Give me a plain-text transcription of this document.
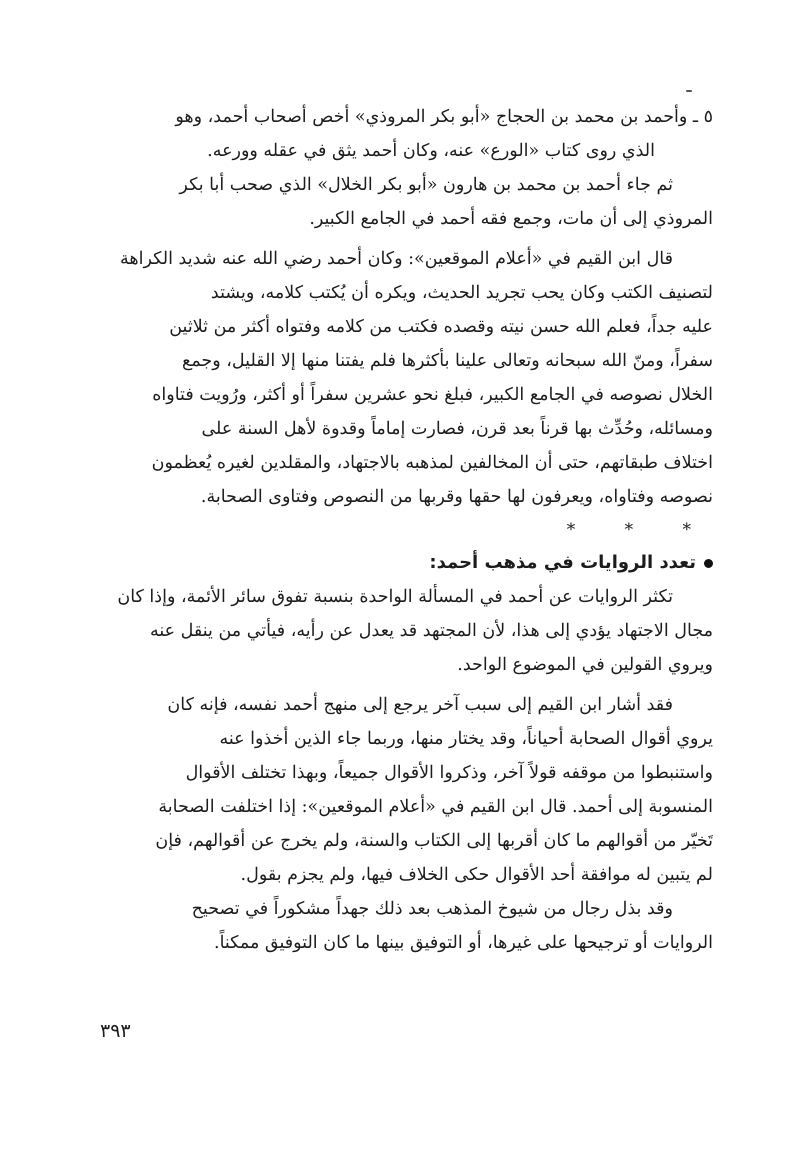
٥ ـ وأحمد بن محمد بن الحجاج «أبو بكر المروذي» أخص أصحاب أحمد، وهو
الذي روى كتاب «الورع» عنه، وكان أحمد يثق في عقله وورعه.
ثم جاء أحمد بن محمد بن هارون «أبو بكر الخلال» الذي صحب أبا بكر
المروذي إلى أن مات، وجمع فقه أحمد في الجامع الكبير.
قال ابن القيم في «أعلام الموقعين»: وكان أحمد رضي الله عنه شديد الكراهة
لتصنيف الكتب وكان يحب تجريد الحديث، ويكره أن يُكتب كلامه، ويشتد
عليه جداً، فعلم الله حسن نيته وقصده فكتب من كلامه وفتواه أكثر من ثلاثين
سفراً، ومنّ الله سبحانه وتعالى علينا بأكثرها فلم يفتنا منها إلا القليل، وجمع
الخلال نصوصه في الجامع الكبير، فبلغ نحو عشرين سفراً أو أكثر، ورُويت فتاواه
ومسائله، وحُدِّث بها قرناً بعد قرن، فصارت إماماً وقدوة لأهل السنة على
اختلاف طبقاتهم، حتى أن المخالفين لمذهبه بالاجتهاد، والمقلدين لغيره يُعظمون
نصوصه وفتاواه، ويعرفون لها حقها وقربها من النصوص وفتاوى الصحابة.
* * *
تعدد الروايات في مذهب أحمد:
تكثر الروايات عن أحمد في المسألة الواحدة بنسبة تفوق سائر الأئمة، وإذا كان
مجال الاجتهاد يؤدي إلى هذا، لأن المجتهد قد يعدل عن رأيه، فيأتي من ينقل عنه
ويروي القولين في الموضوع الواحد.
فقد أشار ابن القيم إلى سبب آخر يرجع إلى منهج أحمد نفسه، فإنه كان
يروي أقوال الصحابة أحياناً، وقد يختار منها، وربما جاء الذين أخذوا عنه
واستنبطوا من موقفه قولاً آخر، وذكروا الأقوال جميعاً، وبهذا تختلف الأقوال
المنسوبة إلى أحمد. قال ابن القيم في «أعلام الموقعين»: إذا اختلفت الصحابة
تَخيّر من أقوالهم ما كان أقربها إلى الكتاب والسنة، ولم يخرج عن أقوالهم، فإن
لم يتبين له موافقة أحد الأقوال حكى الخلاف فيها، ولم يجزم بقول.
وقد بذل رجال من شيوخ المذهب بعد ذلك جهداً مشكوراً في تصحيح
الروايات أو ترجيحها على غيرها، أو التوفيق بينها ما كان التوفيق ممكناً.
٣٩٣
